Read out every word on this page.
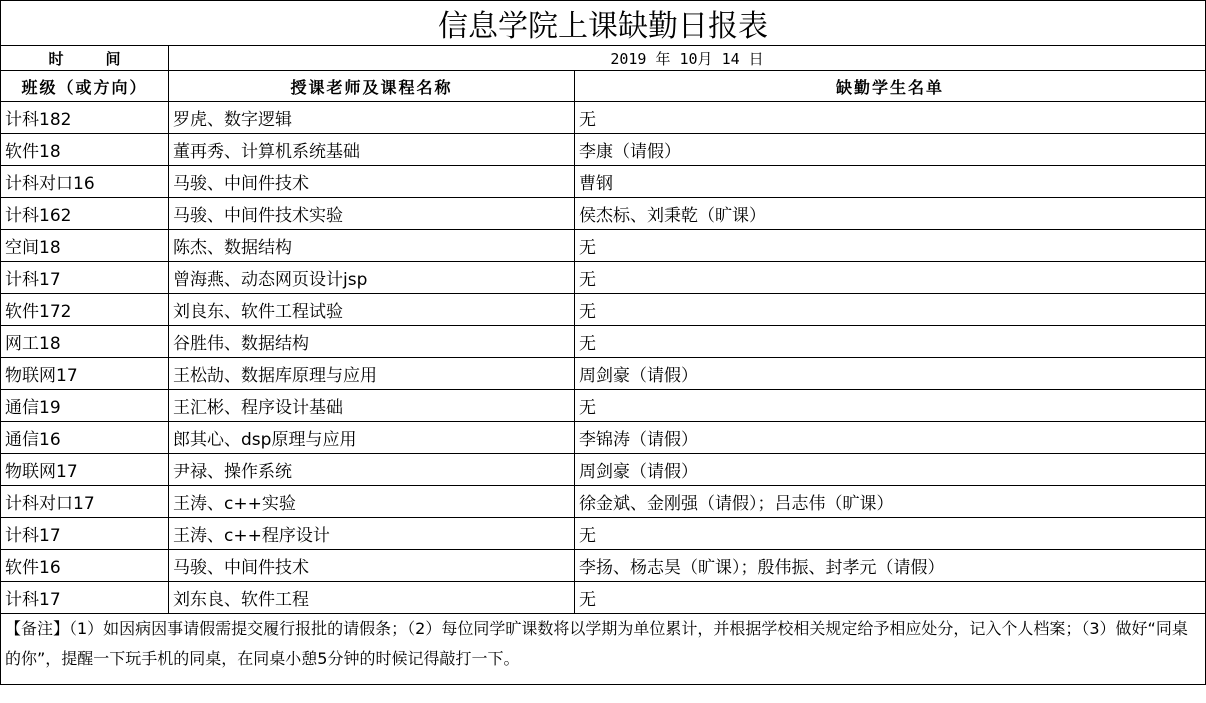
信息学院上课缺勤日报表		
时间	2019 年 10月 14 日	
班级（或方向）	授课老师及课程名称	缺勤学生名单
计科182	罗虎、数字逻辑	无
软件18	董再秀、计算机系统基础	李康（请假）
计科对口16	马骏、中间件技术	曹钢
计科162	马骏、中间件技术实验	侯杰标、刘秉乾（旷课）
空间18	陈杰、数据结构	无
计科17	曾海燕、动态网页设计jsp	无
软件172	刘良东、软件工程试验	无
网工18	谷胜伟、数据结构	无
物联网17	王松劼、数据库原理与应用	周剑豪（请假）
通信19	王汇彬、程序设计基础	无
通信16	郎其心、dsp原理与应用	李锦涛（请假）
物联网17	尹禄、操作系统	周剑豪（请假）
计科对口17	王涛、c++实验	徐金斌、金刚强（请假）；吕志伟（旷课）
计科17	王涛、c++程序设计	无
软件16	马骏、中间件技术	李扬、杨志昊（旷课）；殷伟振、封孝元（请假）
计科17	刘东良、软件工程	无
【备注】（1）如因病因事请假需提交履行报批的请假条；（2）每位同学旷课数将以学期为单位累计，并根据学校相关规定给予相应处分，记入个人档案；（3）做好“同桌的你”，提醒一下玩手机的同桌，在同桌小憩5分钟的时候记得敲打一下。		
